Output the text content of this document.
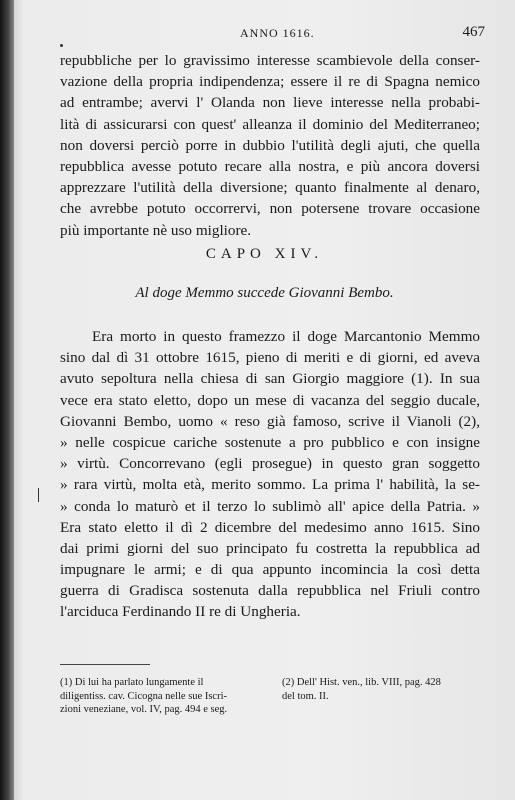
ANNO 1616.	467
repubbliche per lo gravissimo interesse scambievole della conser-
vazione della propria indipendenza; essere il re di Spagna nemico
ad entrambe; avervi l' Olanda non lieve interesse nella probabi-
lità di assicurarsi con quest' alleanza il dominio del Mediterraneo;
non doversi perciò porre in dubbio l'utilità degli ajuti, che quella
repubblica avesse potuto recare alla nostra, e più ancora doversi
apprezzare l'utilità della diversione; quanto finalmente al denaro,
che avrebbe potuto occorrervi, non potersene trovare occasione
più importante nè uso migliore.
CAPO XIV.
Al doge Memmo succede Giovanni Bembo.
Era morto in questo framezzo il doge Marcantonio Memmo
sino dal dì 31 ottobre 1615, pieno di meriti e di giorni, ed aveva
avuto sepoltura nella chiesa di san Giorgio maggiore (1). In sua
vece era stato eletto, dopo un mese di vacanza del seggio ducale,
Giovanni Bembo, uomo « reso già famoso, scrive il Vianoli (2),
» nelle cospicue cariche sostenute a pro pubblico e con insigne
» virtù. Concorrevano (egli prosegue) in questo gran soggetto
» rara virtù, molta età, merito sommo. La prima l' habilità, la se-
» conda lo maturò et il terzo lo sublimò all' apice della Patria. »
Era stato eletto il dì 2 dicembre del medesimo anno 1615. Sino
dai primi giorni del suo principato fu costretta la repubblica ad
impugnare le armi; e di qua appunto incomincia la così detta
guerra di Gradisca sostenuta dalla repubblica nel Friuli contro
l'arciduca Ferdinando II re di Ungheria.
(1) Di lui ha parlato lungamente il
diligentiss. cav. Cicogna nelle sue Iscri-
zioni veneziane, vol. IV, pag. 494 e seg.
(2) Dell' Hist. ven., lib. VIII, pag. 428
del tom. II.
